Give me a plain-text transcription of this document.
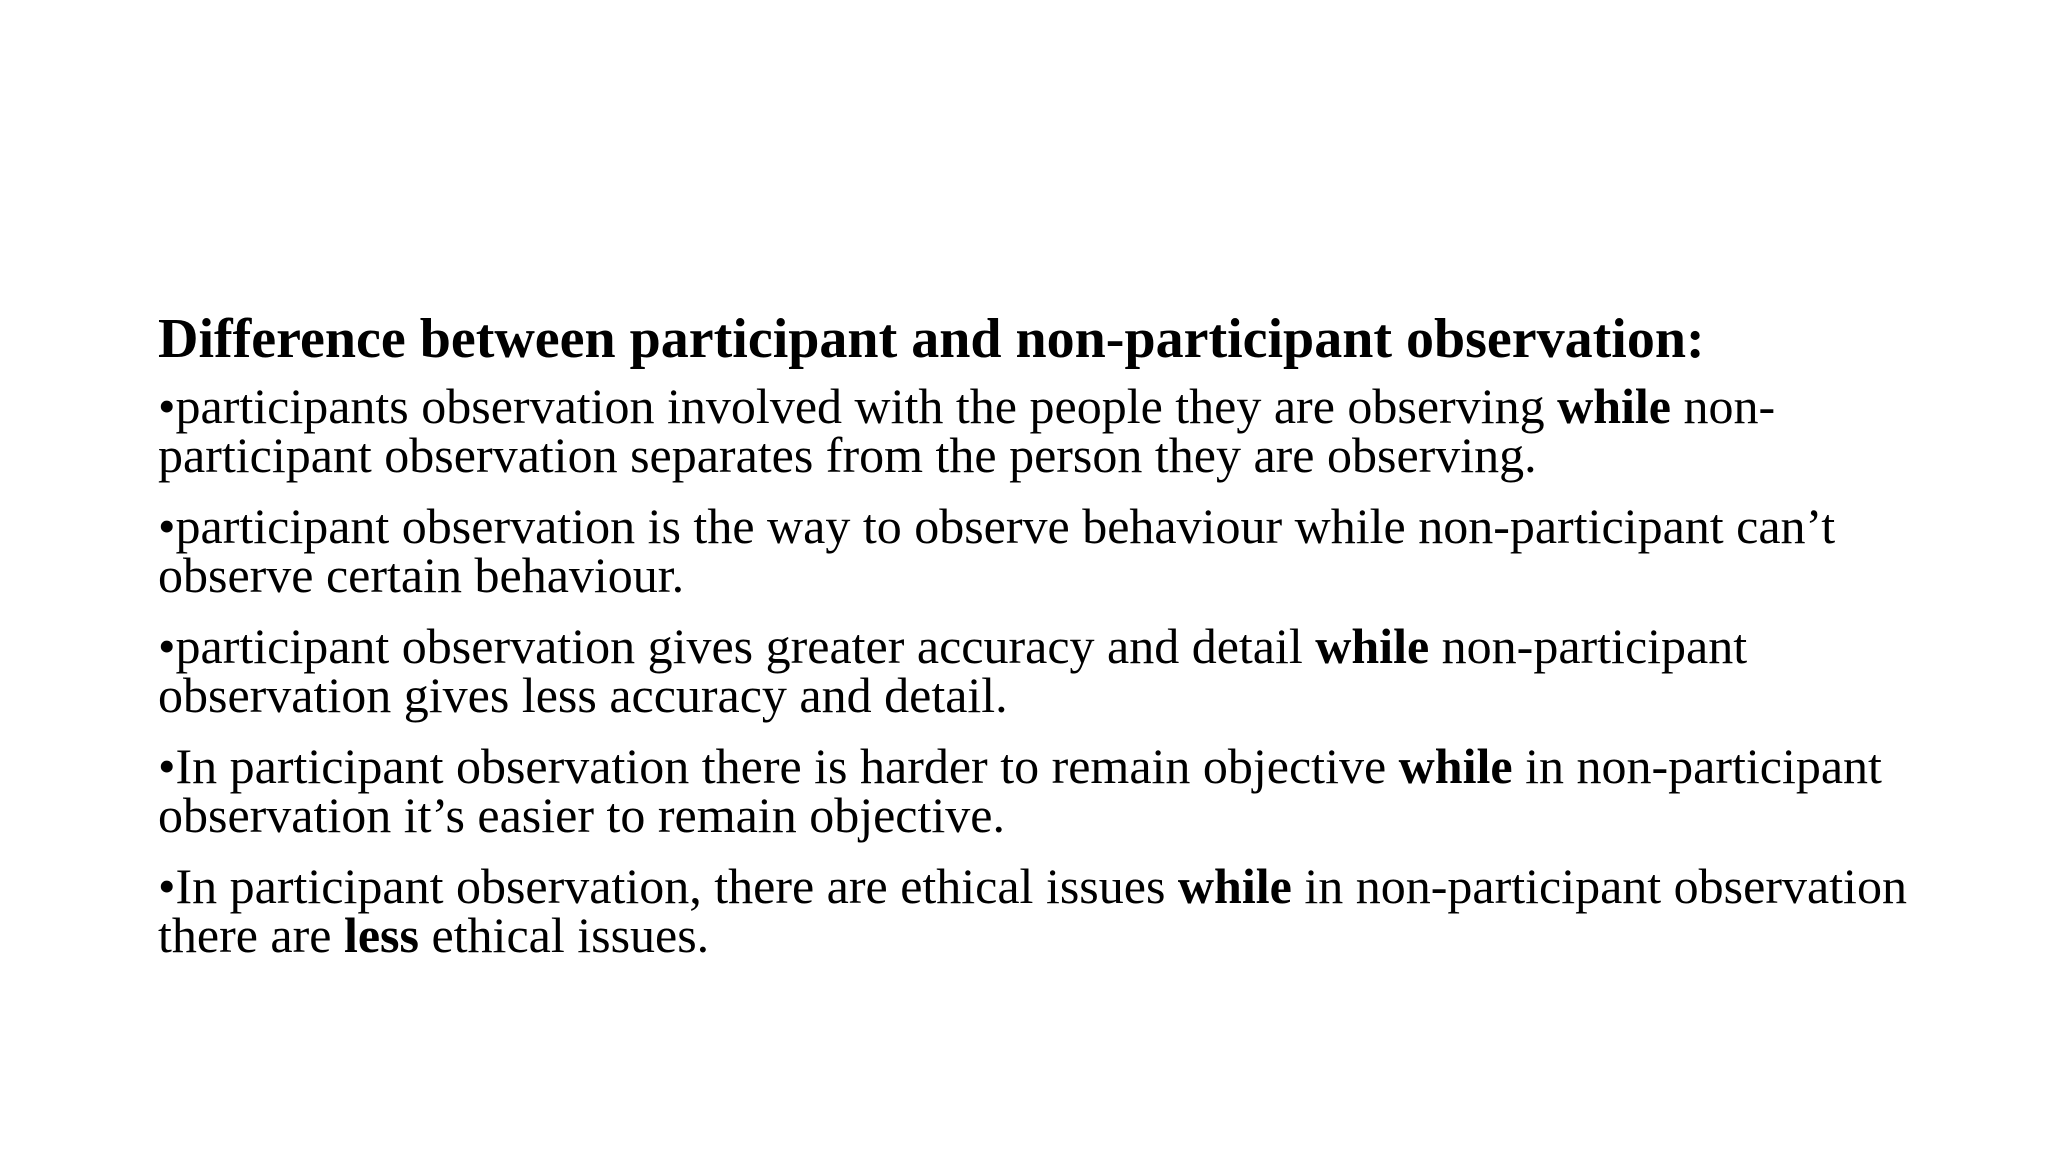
Difference between participant and non-participant observation:
•participants observation involved with the people they are observing while non-participant observation separates from the person they are observing.
•participant observation is the way to observe behaviour while non-participant can’t observe certain behaviour.
•participant observation gives greater accuracy and detail while non-participant observation gives less accuracy and detail.
•In participant observation there is harder to remain objective while in non-participant observation it’s easier to remain objective.
•In participant observation, there are ethical issues while in non-participant observation there are less ethical issues.
